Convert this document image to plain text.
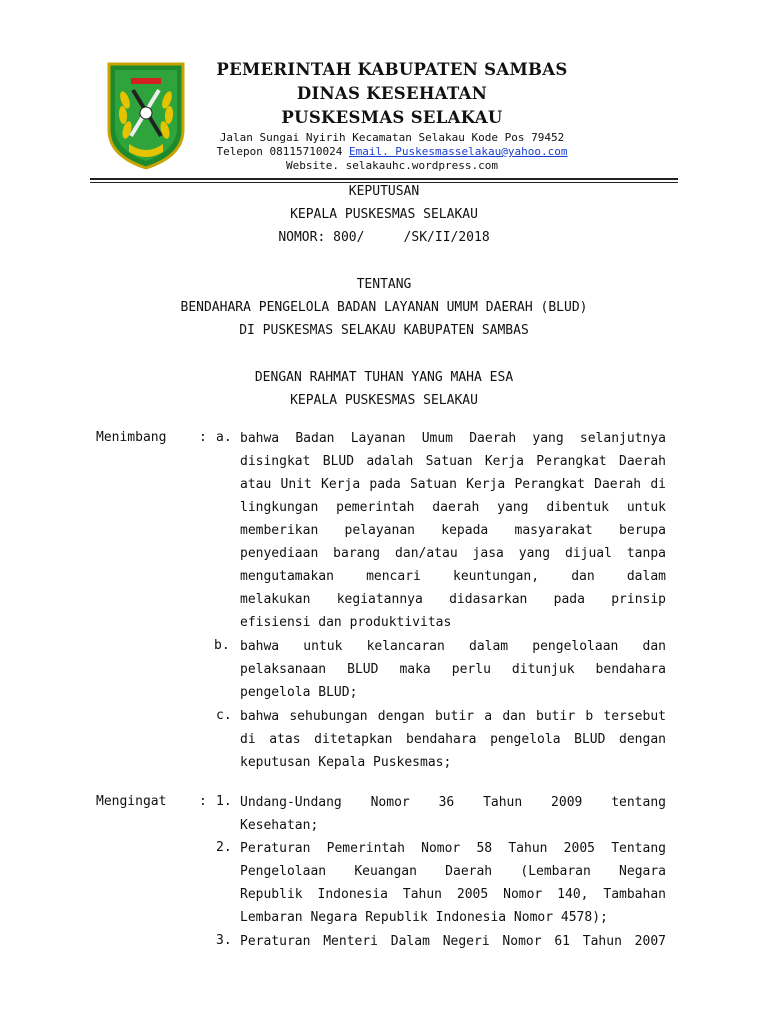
PEMERINTAH KABUPATEN SAMBAS
DINAS KESEHATAN
PUSKESMAS SELAKAU
Jalan Sungai Nyirih Kecamatan Selakau Kode Pos 79452
Telepon 08115710024 Email. Puskesmasselakau@yahoo.com
Website. selakauhc.wordpress.com
KEPUTUSAN
KEPALA PUSKESMAS SELAKAU
NOMOR: 800/     /SK/II/2018
TENTANG
BENDAHARA PENGELOLA BADAN LAYANAN UMUM DAERAH (BLUD)
DI PUSKESMAS SELAKAU KABUPATEN SAMBAS
DENGAN RAHMAT TUHAN YANG MAHA ESA
KEPALA PUSKESMAS SELAKAU
Menimbang	: a. bahwa Badan Layanan Umum Daerah yang selanjutnya
disingkat BLUD adalah Satuan Kerja Perangkat Daerah
atau Unit Kerja pada Satuan Kerja Perangkat Daerah di
lingkungan pemerintah daerah yang dibentuk untuk
memberikan pelayanan kepada masyarakat berupa
penyediaan barang dan/atau jasa yang dijual tanpa
mengutamakan mencari keuntungan, dan dalam
melakukan kegiatannya didasarkan pada prinsip
efisiensi dan produktivitas
b. bahwa untuk kelancaran dalam pengelolaan dan
pelaksanaan BLUD maka perlu ditunjuk bendahara
pengelola BLUD;
c. bahwa sehubungan dengan butir a dan butir b tersebut
di atas ditetapkan bendahara pengelola BLUD dengan
keputusan Kepala Puskesmas;
Mengingat	: 1. Undang-Undang Nomor 36 Tahun 2009 tentang
Kesehatan;
2. Peraturan Pemerintah Nomor 58 Tahun 2005 Tentang
Pengelolaan Keuangan Daerah (Lembaran Negara
Republik Indonesia Tahun 2005 Nomor 140, Tambahan
Lembaran Negara Republik Indonesia Nomor 4578);
3. Peraturan Menteri Dalam Negeri Nomor 61 Tahun 2007
